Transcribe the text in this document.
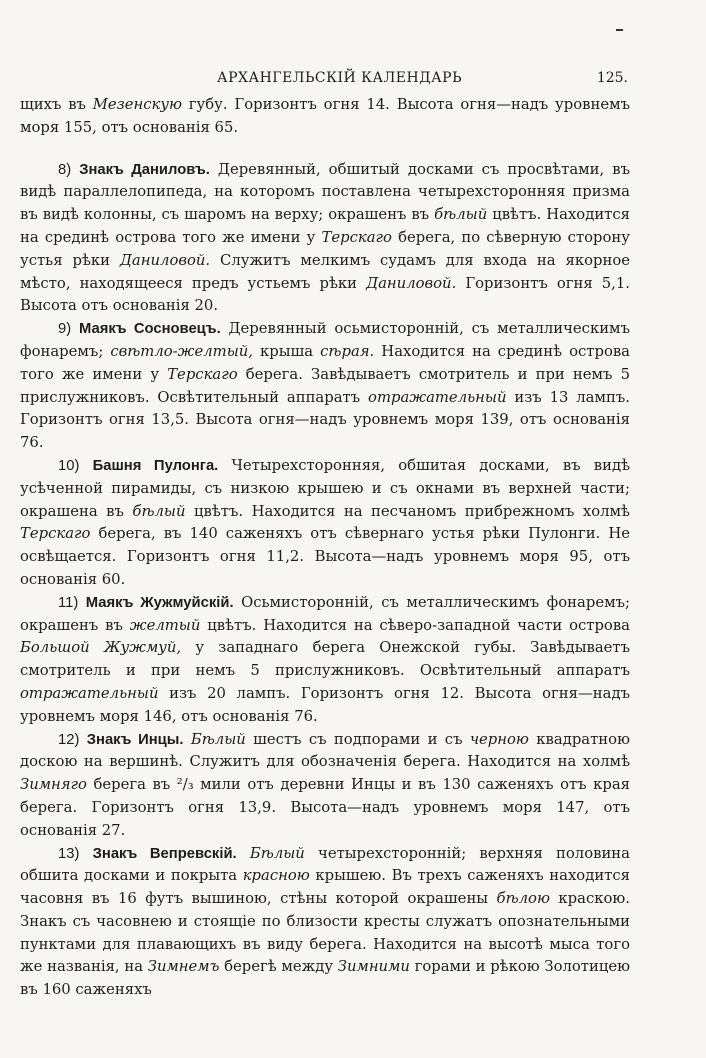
АРХАНГЕЛЬСКІЙ КАЛЕНДАРЬ	125.

щихъ въ Мезенскую губу. Горизонтъ огня 14. Высота огня—надъ уровнемъ моря 155, отъ основанія 65.

8) Знакъ Даниловъ. Деревянный, обшитый досками съ просвѣтами, въ видѣ параллелопипеда, на которомъ поставлена четырехсторонняя призма въ видѣ колонны, съ шаромъ на верху; окрашенъ въ бѣлый цвѣтъ. Находится на срединѣ острова того же имени у Терскаго берега, по сѣверную сторону устья рѣки Даниловой. Служитъ мелкимъ судамъ для входа на якорное мѣсто, находящееся предъ устьемъ рѣки Даниловой. Горизонтъ огня 5,1. Высота отъ основанія 20.

9) Маякъ Сосновецъ. Деревянный осьмисторонній, съ металлическимъ фонаремъ; свѣтло-желтый, крыша сѣрая. Находится на срединѣ острова того же имени у Терскаго берега. Завѣдываетъ смотритель и при немъ 5 прислужниковъ. Освѣтительный аппаратъ отражательный изъ 13 лампъ. Горизонтъ огня 13,5. Высота огня—надъ уровнемъ моря 139, отъ основанія 76.

10) Башня Пулонга. Четырехсторонняя, обшитая досками, въ видѣ усѣченной пирамиды, съ низкою крышею и съ окнами въ верхней части; окрашена въ бѣлый цвѣтъ. Находится на песчаномъ прибрежномъ холмѣ Терскаго берега, въ 140 саженяхъ отъ сѣвернаго устья рѣки Пулонги. Не освѣщается. Горизонтъ огня 11,2. Высота—надъ уровнемъ моря 95, отъ основанія 60.

11) Маякъ Жужмуйскій. Осьмисторонній, съ металлическимъ фонаремъ; окрашенъ въ желтый цвѣтъ. Находится на сѣверо-западной части острова Большой Жужмуй, у западнаго берега Онежской губы. Завѣдываетъ смотритель и при немъ 5 прислужниковъ. Освѣтительный аппаратъ отражательный изъ 20 лампъ. Горизонтъ огня 12. Высота огня—надъ уровнемъ моря 146, отъ основанія 76.

12) Знакъ Инцы. Бѣлый шестъ съ подпорами и съ черною квадратною доскою на вершинѣ. Служитъ для обозначенія берега. Находится на холмѣ Зимняго берега въ ²/₃ мили отъ деревни Инцы и въ 130 саженяхъ отъ края берега. Горизонтъ огня 13,9. Высота—надъ уровнемъ моря 147, отъ основанія 27.

13) Знакъ Вепревскій. Бѣлый четырехсторонній; верхняя половина обшита досками и покрыта красною крышею. Въ трехъ саженяхъ находится часовня въ 16 футъ вышиною, стѣны которой окрашены бѣлою краскою. Знакъ съ часовнею и стоящіе по близости кресты служатъ опознательными пунктами для плавающихъ въ виду берега. Находится на высотѣ мыса того же названія, на Зимнемъ берегѣ между Зимними горами и рѣкою Золотицею въ 160 саженяхъ
